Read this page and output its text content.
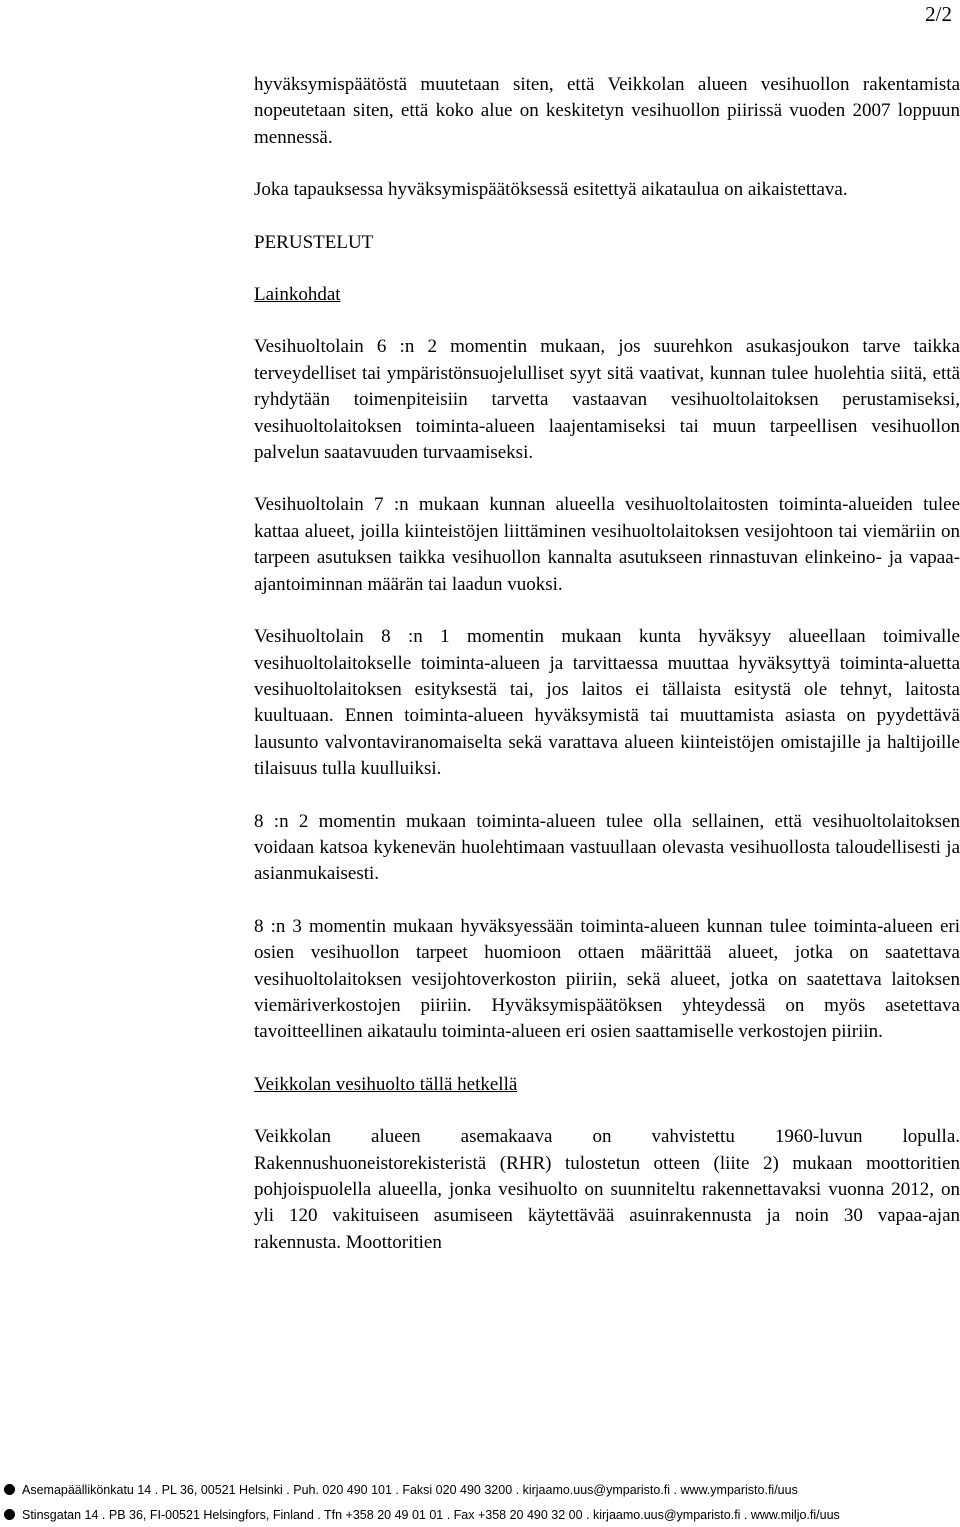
2/2

hyväksymispäätöstä muutetaan siten, että Veikkolan alueen vesihuollon rakentamista nopeutetaan siten, että koko alue on keskitetyn vesihuollon piirissä vuoden 2007 loppuun mennessä.

Joka tapauksessa hyväksymispäätöksessä esitettyä aikataulua on aikaistettava.

PERUSTELUT
Lainkohdat

Vesihuoltolain 6 :n 2 momentin mukaan, jos suurehkon asukasjoukon tarve taikka terveydelliset tai ympäristönsuojelulliset syyt sitä vaativat, kunnan tulee huolehtia siitä, että ryhdytään toimenpiteisiin tarvetta vastaavan vesihuoltolaitoksen perustamiseksi, vesihuoltolaitoksen toiminta-alueen laajentamiseksi tai muun tarpeellisen vesihuollon palvelun saatavuuden turvaamiseksi.

Vesihuoltolain 7 :n mukaan kunnan alueella vesihuoltolaitosten toiminta-alueiden tulee kattaa alueet, joilla kiinteistöjen liittäminen vesihuoltolaitoksen vesijohtoon tai viemäriin on tarpeen asutuksen taikka vesihuollon kannalta asutukseen rinnastuvan elinkeino- ja vapaa-ajantoiminnan määrän tai laadun vuoksi.

Vesihuoltolain 8 :n 1 momentin mukaan kunta hyväksyy alueellaan toimivalle vesihuoltolaitokselle toiminta-alueen ja tarvittaessa muuttaa hyväksyttyä toiminta-aluetta vesihuoltolaitoksen esityksestä tai, jos laitos ei tällaista esitystä ole tehnyt, laitosta kuultuaan. Ennen toiminta-alueen hyväksymistä tai muuttamista asiasta on pyydettävä lausunto valvontaviranomaiselta sekä varattava alueen kiinteistöjen omistajille ja haltijoille tilaisuus tulla kuulluiksi.

8 :n 2 momentin mukaan toiminta-alueen tulee olla sellainen, että vesihuoltolaitoksen voidaan katsoa kykenevän huolehtimaan vastuullaan olevasta vesihuollosta taloudellisesti ja asianmukaisesti.

8 :n 3 momentin mukaan hyväksyessään toiminta-alueen kunnan tulee toiminta-alueen eri osien vesihuollon tarpeet huomioon ottaen määrittää alueet, jotka on saatettava vesihuoltolaitoksen vesijohtoverkoston piiriin, sekä alueet, jotka on saatettava laitoksen viemäriverkostojen piiriin. Hyväksymispäätöksen yhteydessä on myös asetettava tavoitteellinen aikataulu toiminta-alueen eri osien saattamiselle verkostojen piiriin.

Veikkolan vesihuolto tällä hetkellä

Veikkolan alueen asemakaava on vahvistettu 1960-luvun lopulla. Rakennushuoneistorekisteristä (RHR) tulostetun otteen (liite 2) mukaan moottoritien pohjoispuolella alueella, jonka vesihuolto on suunniteltu rakennettavaksi vuonna 2012, on yli 120 vakituiseen asumiseen käytettävää asuinrakennusta ja noin 30 vapaa-ajan rakennusta. Moottoritien

Asemapäällikönkatu 14 . PL 36, 00521 Helsinki . Puh. 020 490 101 . Faksi 020 490 3200 . kirjaamo.uus@ymparisto.fi . www.ymparisto.fi/uus
Stinsgatan 14 . PB 36, FI-00521 Helsingfors, Finland . Tfn +358 20 49 01 01 . Fax +358 20 490 32 00 . kirjaamo.uus@ymparisto.fi . www.miljo.fi/uus
